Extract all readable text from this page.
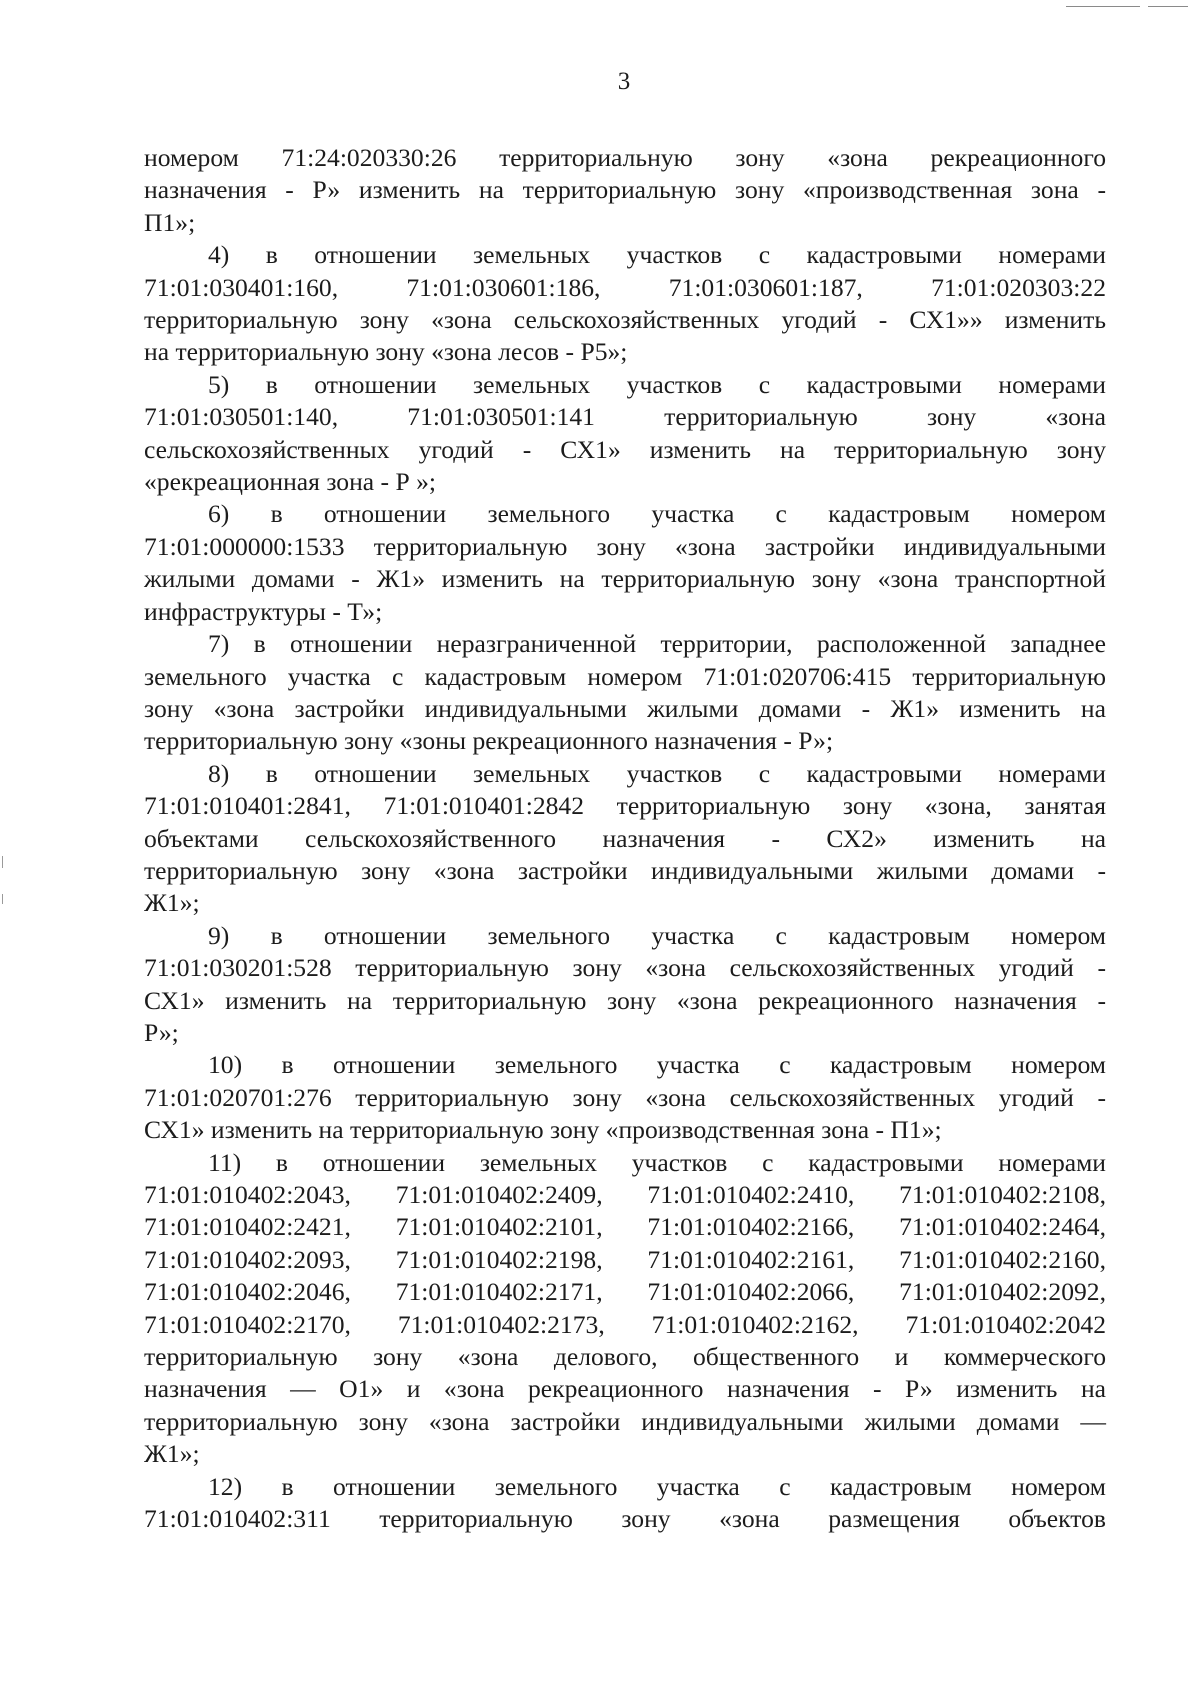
3

номером 71:24:020330:26 территориальную зону «зона рекреационного

назначения - Р» изменить на территориальную зону «производственная зона -

П1»;

4) в отношении земельных участков с кадастровыми номерами

71:01:030401:160, 71:01:030601:186, 71:01:030601:187, 71:01:020303:22

территориальную зону «зона сельскохозяйственных угодий - СХ1»» изменить

на территориальную зону «зона лесов - Р5»;

5) в отношении земельных участков с кадастровыми номерами

71:01:030501:140, 71:01:030501:141 территориальную зону «зона

сельскохозяйственных угодий - СХ1» изменить на территориальную зону

«рекреационная зона - Р »;

6) в отношении земельного участка с кадастровым номером

71:01:000000:1533 территориальную зону «зона застройки индивидуальными

жилыми домами - Ж1» изменить на территориальную зону «зона транспортной

инфраструктуры - Т»;

7) в отношении неразграниченной территории, расположенной западнее

земельного участка с кадастровым номером 71:01:020706:415 территориальную

зону «зона застройки индивидуальными жилыми домами - Ж1» изменить на

территориальную зону «зоны рекреационного назначения - Р»;

8) в отношении земельных участков с кадастровыми номерами

71:01:010401:2841, 71:01:010401:2842 территориальную зону «зона, занятая

объектами сельскохозяйственного назначения - СХ2» изменить на

территориальную зону «зона застройки индивидуальными жилыми домами -

Ж1»;

9) в отношении земельного участка с кадастровым номером

71:01:030201:528 территориальную зону «зона сельскохозяйственных угодий -

СХ1» изменить на территориальную зону «зона рекреационного назначения -

Р»;

10) в отношении земельного участка с кадастровым номером

71:01:020701:276 территориальную зону «зона сельскохозяйственных угодий -

СХ1» изменить на территориальную зону «производственная зона - П1»;

11) в отношении земельных участков с кадастровыми номерами

71:01:010402:2043, 71:01:010402:2409, 71:01:010402:2410, 71:01:010402:2108,

71:01:010402:2421, 71:01:010402:2101, 71:01:010402:2166, 71:01:010402:2464,

71:01:010402:2093, 71:01:010402:2198, 71:01:010402:2161, 71:01:010402:2160,

71:01:010402:2046, 71:01:010402:2171, 71:01:010402:2066, 71:01:010402:2092,

71:01:010402:2170, 71:01:010402:2173, 71:01:010402:2162, 71:01:010402:2042

территориальную зону «зона делового, общественного и коммерческого

назначения — О1» и «зона рекреационного назначения - Р» изменить на

территориальную зону «зона застройки индивидуальными жилыми домами —

Ж1»;

12) в отношении земельного участка с кадастровым номером

71:01:010402:311 территориальную зону «зона размещения объектов
